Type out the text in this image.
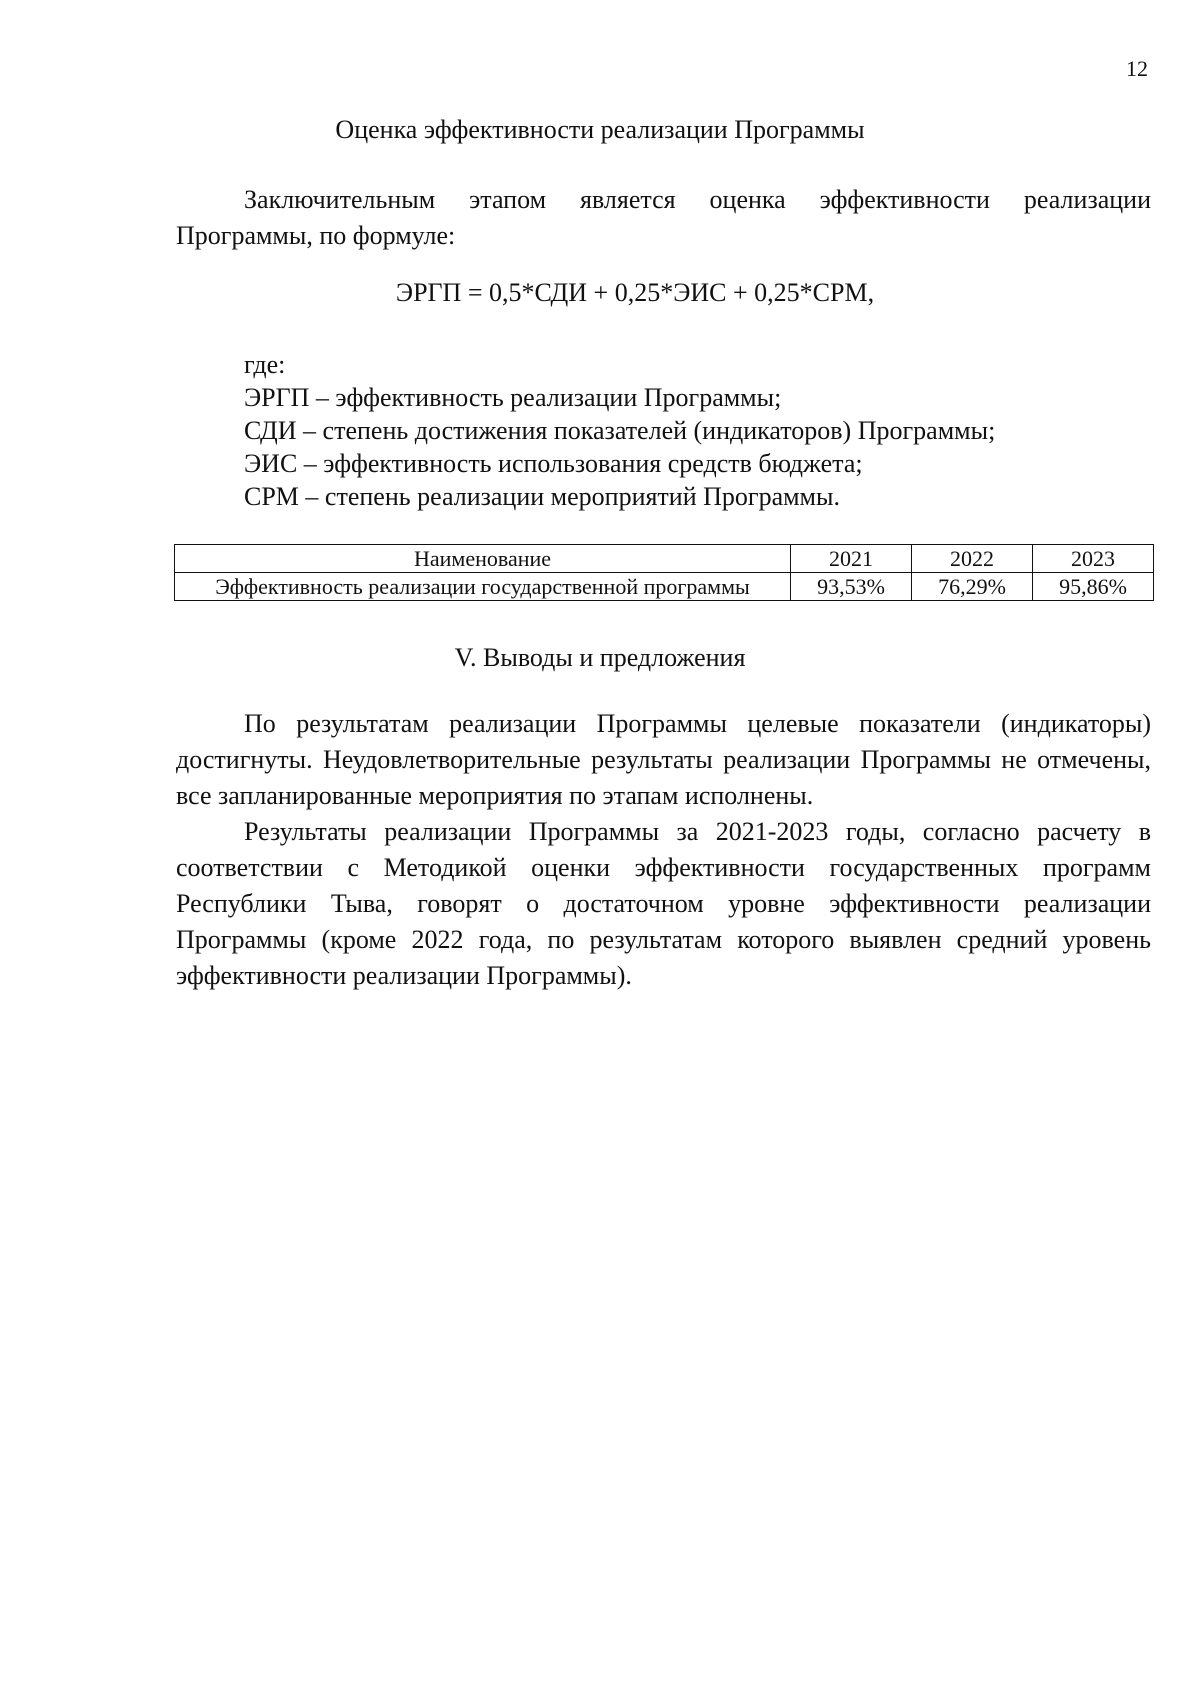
12
Оценка эффективности реализации Программы
Заключительным этапом является оценка эффективности реализации Программы, по формуле:
ЭРГП = 0,5*СДИ + 0,25*ЭИС + 0,25*СРМ,
где:
ЭРГП – эффективность реализации Программы;
СДИ – степень достижения показателей (индикаторов) Программы;
ЭИС – эффективность использования средств бюджета;
СРМ – степень реализации мероприятий Программы.
Наименование	2021	2022	2023
Эффективность реализации государственной программы	93,53%	76,29%	95,86%
V. Выводы и предложения
По результатам реализации Программы целевые показатели (индикаторы) достигнуты. Неудовлетворительные результаты реализации Программы не отмечены, все запланированные мероприятия по этапам исполнены.
Результаты реализации Программы за 2021-2023 годы, согласно расчету в соответствии с Методикой оценки эффективности государственных программ Республики Тыва, говорят о достаточном уровне эффективности реализации Программы (кроме 2022 года, по результатам которого выявлен средний уровень эффективности реализации Программы).
